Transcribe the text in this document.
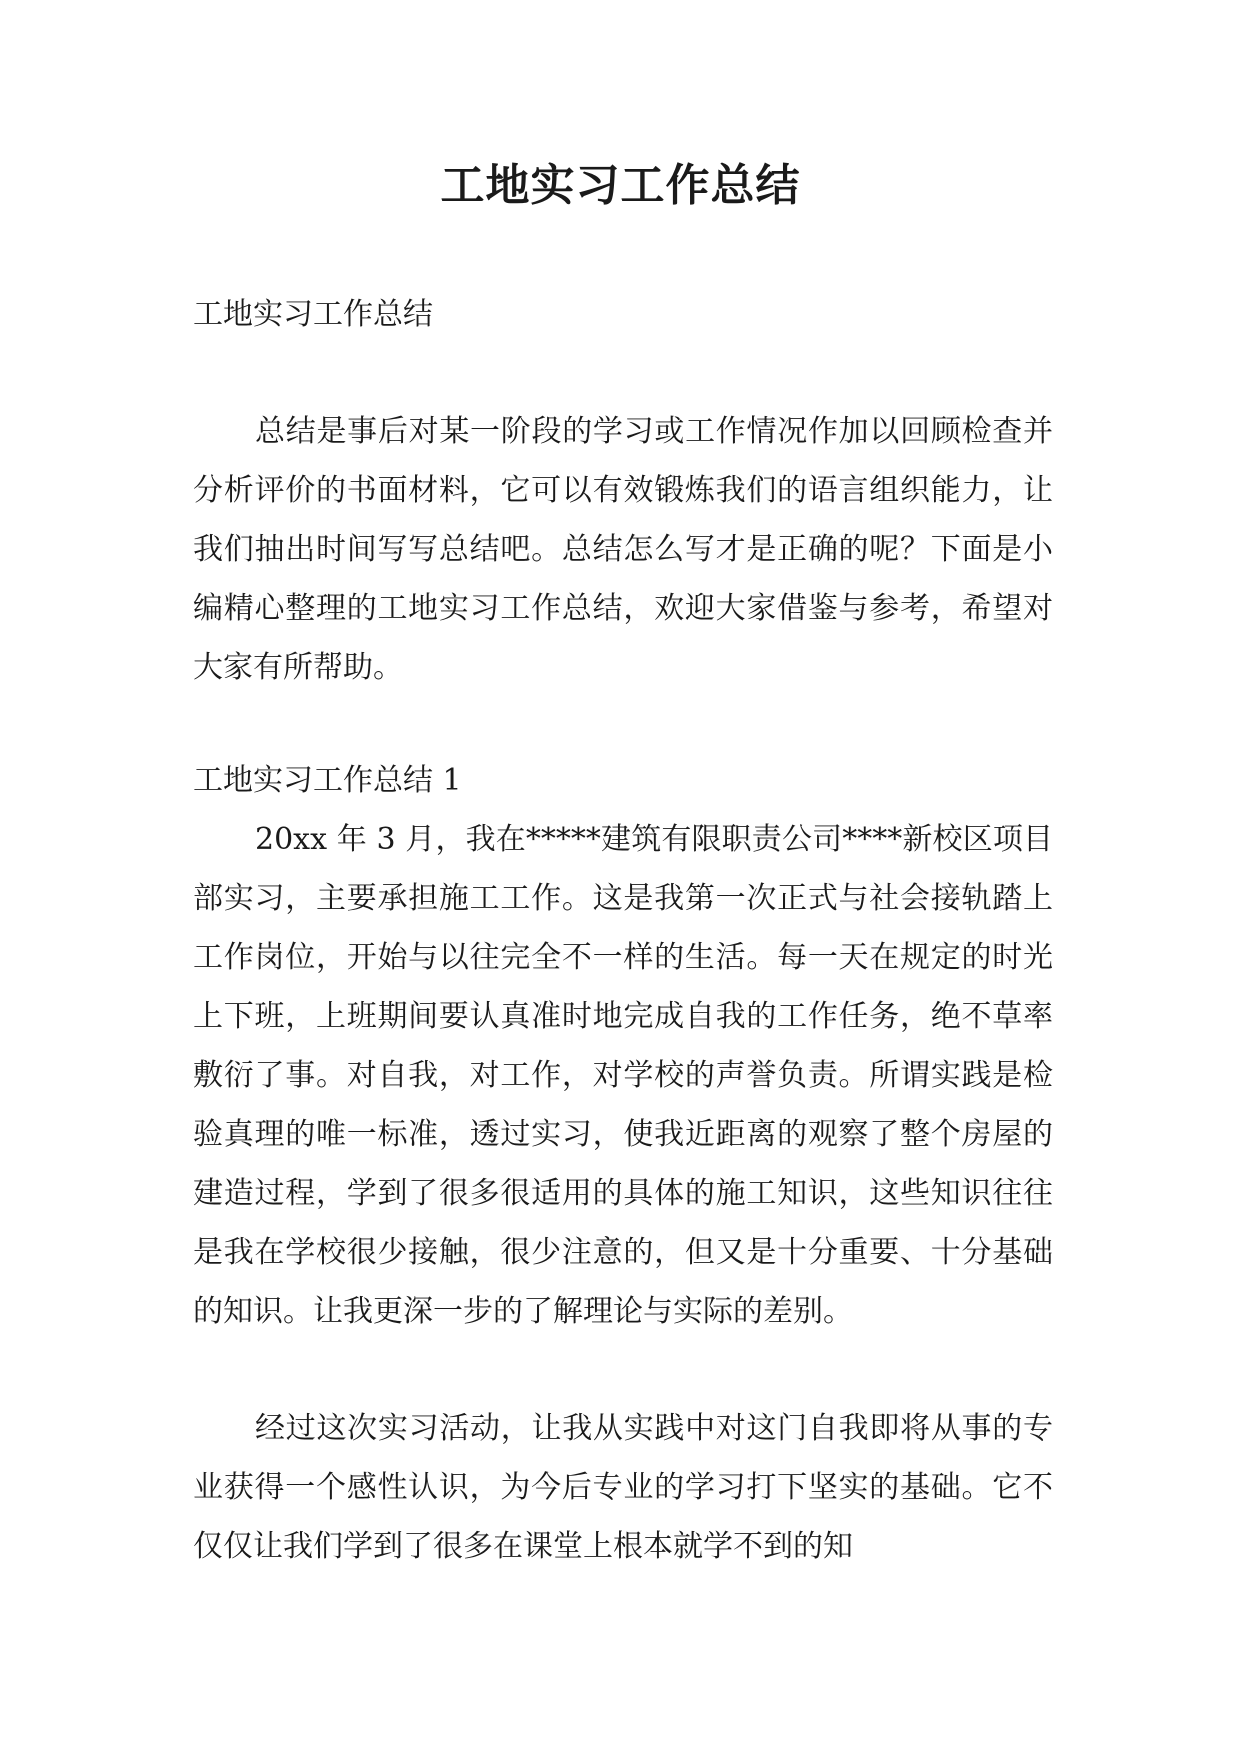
工地实习工作总结

工地实习工作总结

总结是事后对某一阶段的学习或工作情况作加以回顾检查并分析评价的书面材料，它可以有效锻炼我们的语言组织能力，让我们抽出时间写写总结吧。总结怎么写才是正确的呢？下面是小编精心整理的工地实习工作总结，欢迎大家借鉴与参考，希望对大家有所帮助。

工地实习工作总结 1

20xx 年 3 月，我在*****建筑有限职责公司****新校区项目部实习，主要承担施工工作。这是我第一次正式与社会接轨踏上工作岗位，开始与以往完全不一样的生活。每一天在规定的时光上下班，上班期间要认真准时地完成自我的工作任务，绝不草率敷衍了事。对自我，对工作，对学校的声誉负责。所谓实践是检验真理的唯一标准，透过实习，使我近距离的观察了整个房屋的建造过程，学到了很多很适用的具体的施工知识，这些知识往往是我在学校很少接触，很少注意的，但又是十分重要、十分基础的知识。让我更深一步的了解理论与实际的差别。

经过这次实习活动，让我从实践中对这门自我即将从事的专业获得一个感性认识，为今后专业的学习打下坚实的基础。它不仅仅让我们学到了很多在课堂上根本就学不到的知
